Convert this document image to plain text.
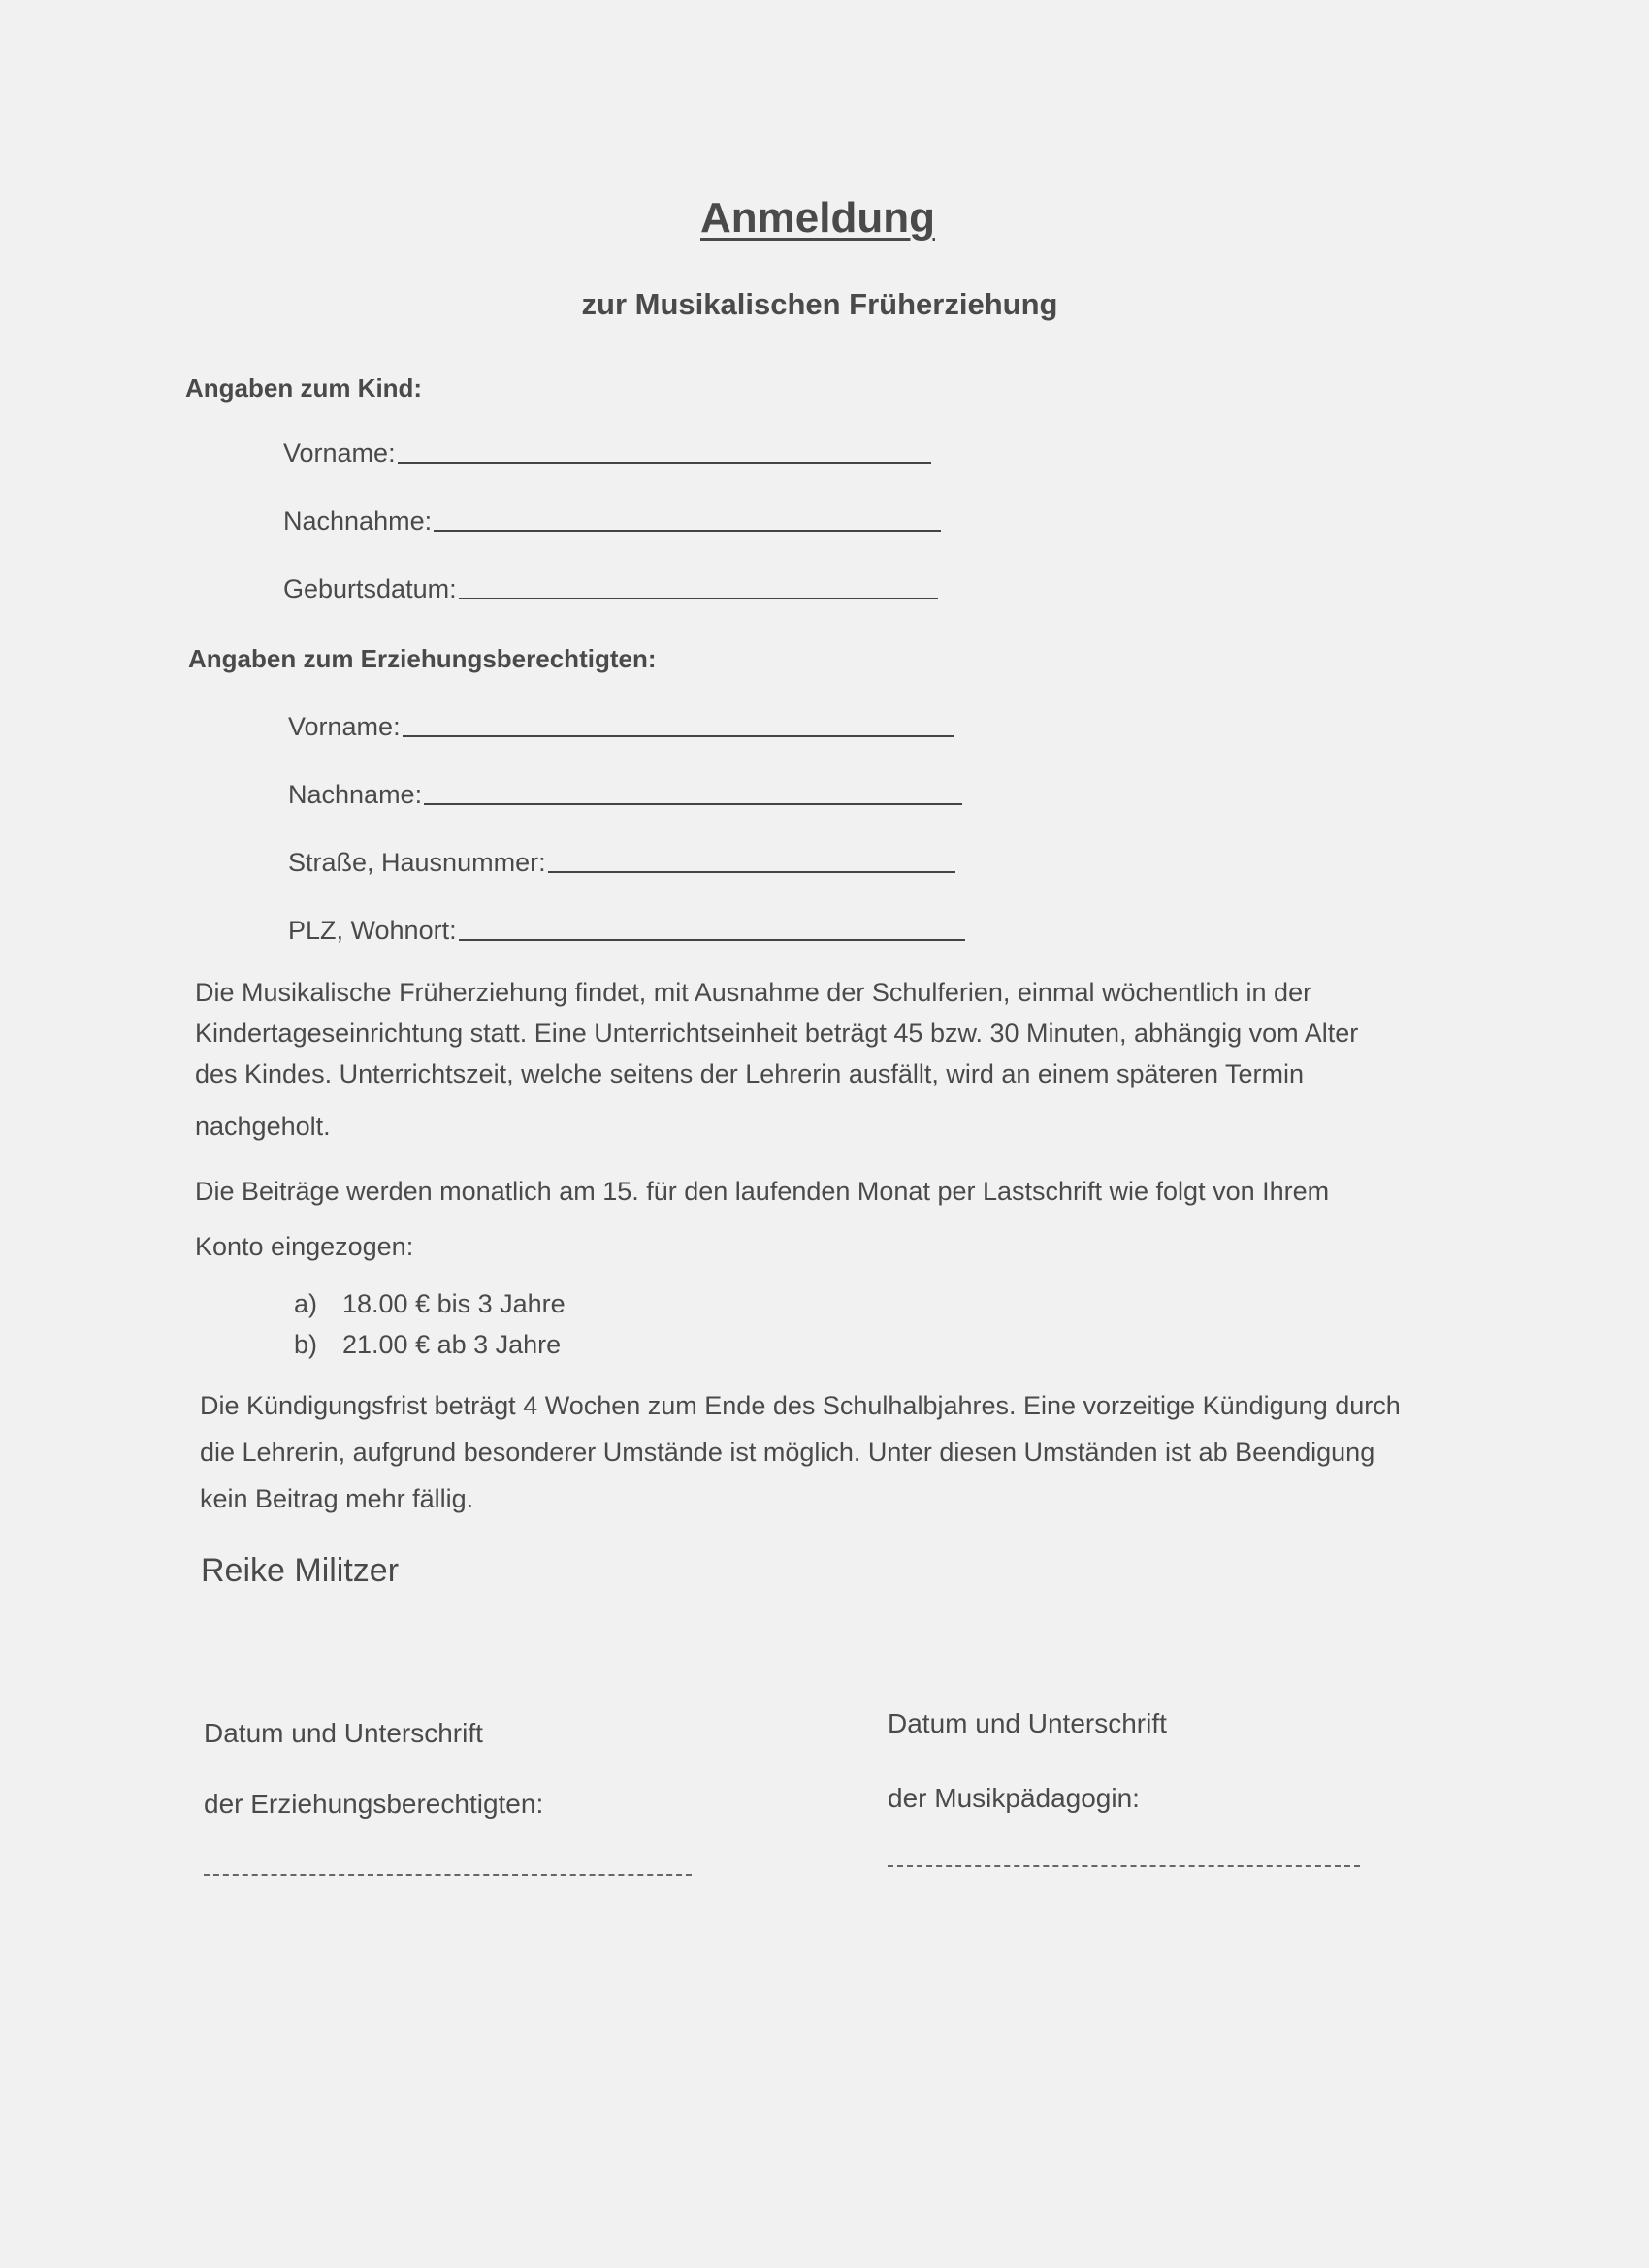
Anmeldung
zur Musikalischen Früherziehung
Angaben zum Kind:
Vorname:
Nachnahme:
Geburtsdatum:
Angaben zum Erziehungsberechtigten:
Vorname:
Nachname:
Straße, Hausnummer:
PLZ, Wohnort:
Die Musikalische Früherziehung findet, mit Ausnahme der Schulferien, einmal wöchentlich in der
Kindertageseinrichtung statt. Eine Unterrichtseinheit beträgt 45 bzw. 30 Minuten, abhängig vom Alter
des Kindes. Unterrichtszeit, welche seitens der Lehrerin ausfällt, wird an einem späteren Termin
nachgeholt.
Die Beiträge werden monatlich am 15. für den laufenden Monat per Lastschrift wie folgt von Ihrem
Konto eingezogen:
a) 18.00 € bis 3 Jahre
b) 21.00 € ab 3 Jahre
Die Kündigungsfrist beträgt 4 Wochen zum Ende des Schulhalbjahres. Eine vorzeitige Kündigung durch
die Lehrerin, aufgrund besonderer Umstände ist möglich. Unter diesen Umständen ist ab Beendigung
kein Beitrag mehr fällig.
Reike Militzer
Datum und Unterschrift
der Erziehungsberechtigten:
Datum und Unterschrift
der Musikpädagogin:
